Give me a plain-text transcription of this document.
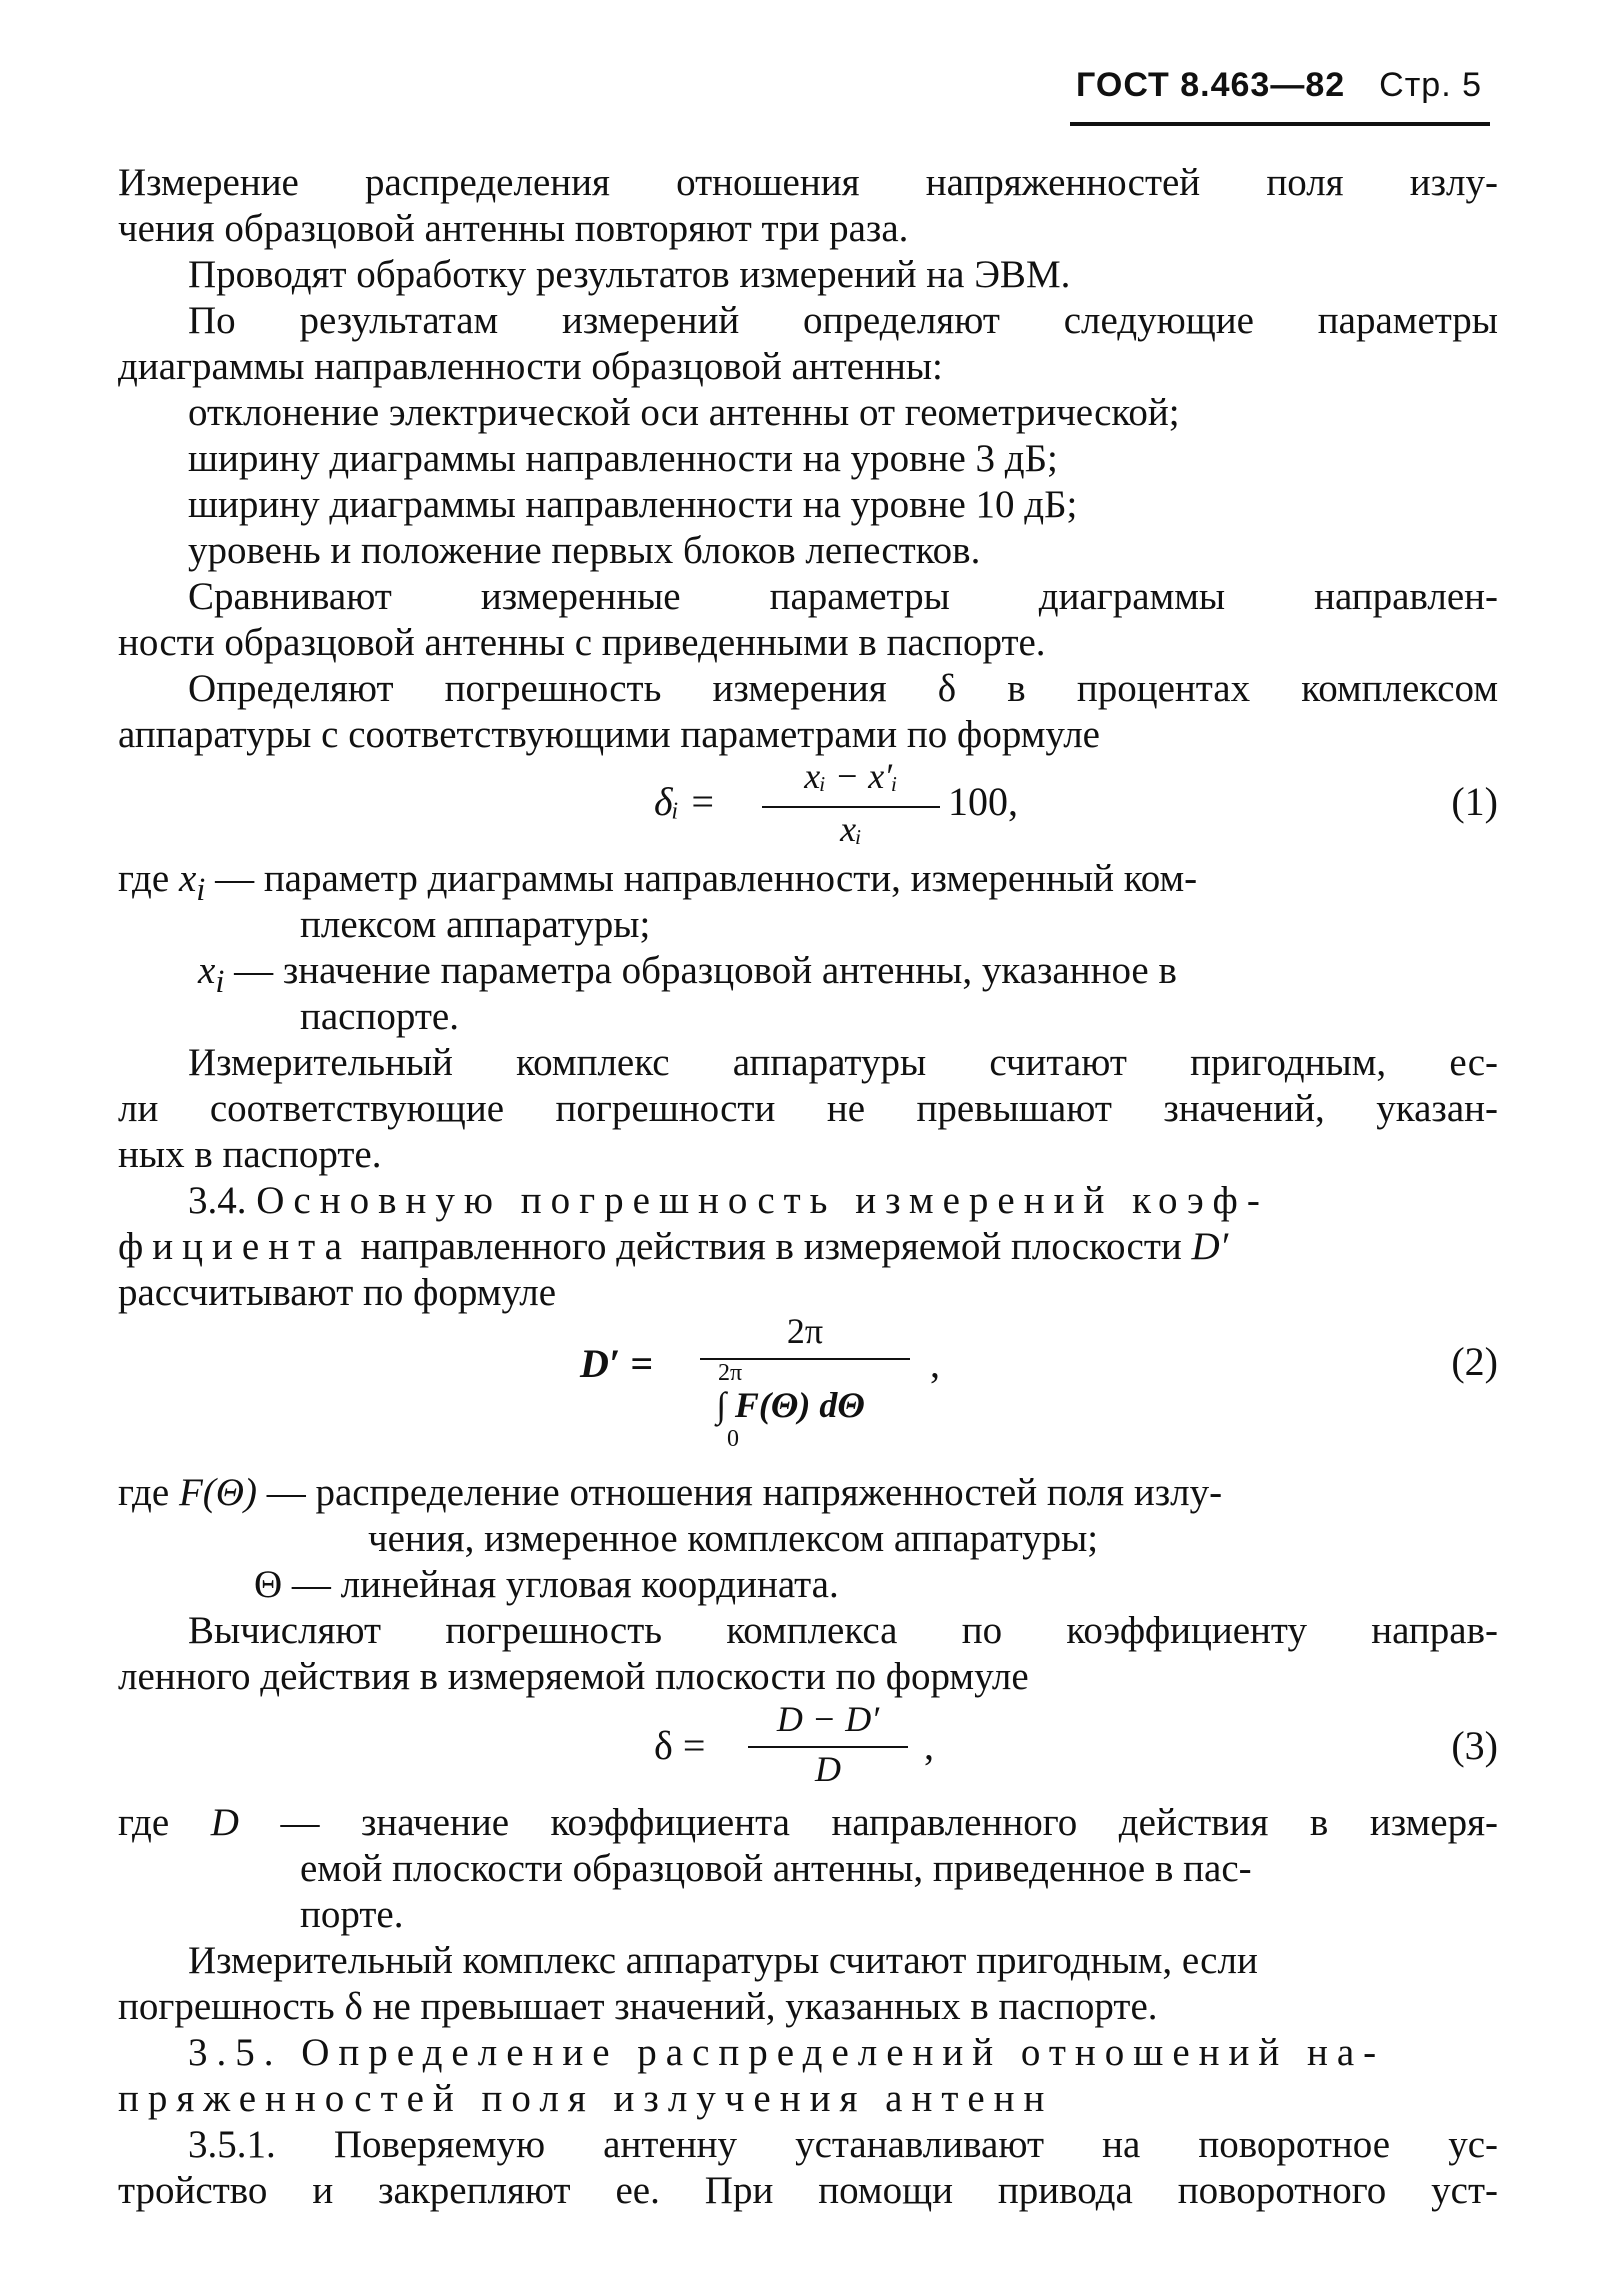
ГОСТ 8.463—82 Стр. 5
Измерение распределения отношения напряженностей поля излу-
чения образцовой антенны повторяют три раза.
Проводят обработку результатов измерений на ЭВМ.
По результатам измерений определяют следующие параметры
диаграммы направленности образцовой антенны:
отклонение электрической оси антенны от геометрической;
ширину диаграммы направленности на уровне 3 дБ;
ширину диаграммы направленности на уровне 10 дБ;
уровень и положение первых блоков лепестков.
Сравнивают измеренные параметры диаграммы направлен-
ности образцовой антенны с приведенными в паспорте.
Определяют погрешность измерения δ в процентах комплексом
аппаратуры с соответствующими параметрами по формуле
δᵢ =
xᵢ − x′ᵢ
xᵢ
100,	(1)
где $x_i$ — параметр диаграммы направленности, измеренный ком-
плексом аппаратуры;
$x_i$ — значение параметра образцовой антенны, указанное в
паспорте.
Измерительный комплекс аппаратуры считают пригодным, ес-
ли соответствующие погрешности не превышают значений, указан-
ных в паспорте.
3.4. Основную погрешность измерений коэф-
фициента направленного действия в измеряемой плоскости D′
рассчитывают по формуле
D′ =
2π
2π
∫ F(Θ) dΘ
0
,	(2)
где F(Θ) — распределение отношения напряженностей поля излу-
чения, измеренное комплексом аппаратуры;
Θ — линейная угловая координата.
Вычисляют погрешность комплекса по коэффициенту направ-
ленного действия в измеряемой плоскости по формуле
δ =
D − D′
D
,	(3)
где D — значение коэффициента направленного действия в измеря-
емой плоскости образцовой антенны, приведенное в пас-
порте.
Измерительный комплекс аппаратуры считают пригодным, если
погрешность δ не превышает значений, указанных в паспорте.
3.5. Определение распределений отношений на-
пряженностей поля излучения антенн
3.5.1. Поверяемую антенну устанавливают на поворотное ус-
тройство и закрепляют ее. При помощи привода поворотного уст-
